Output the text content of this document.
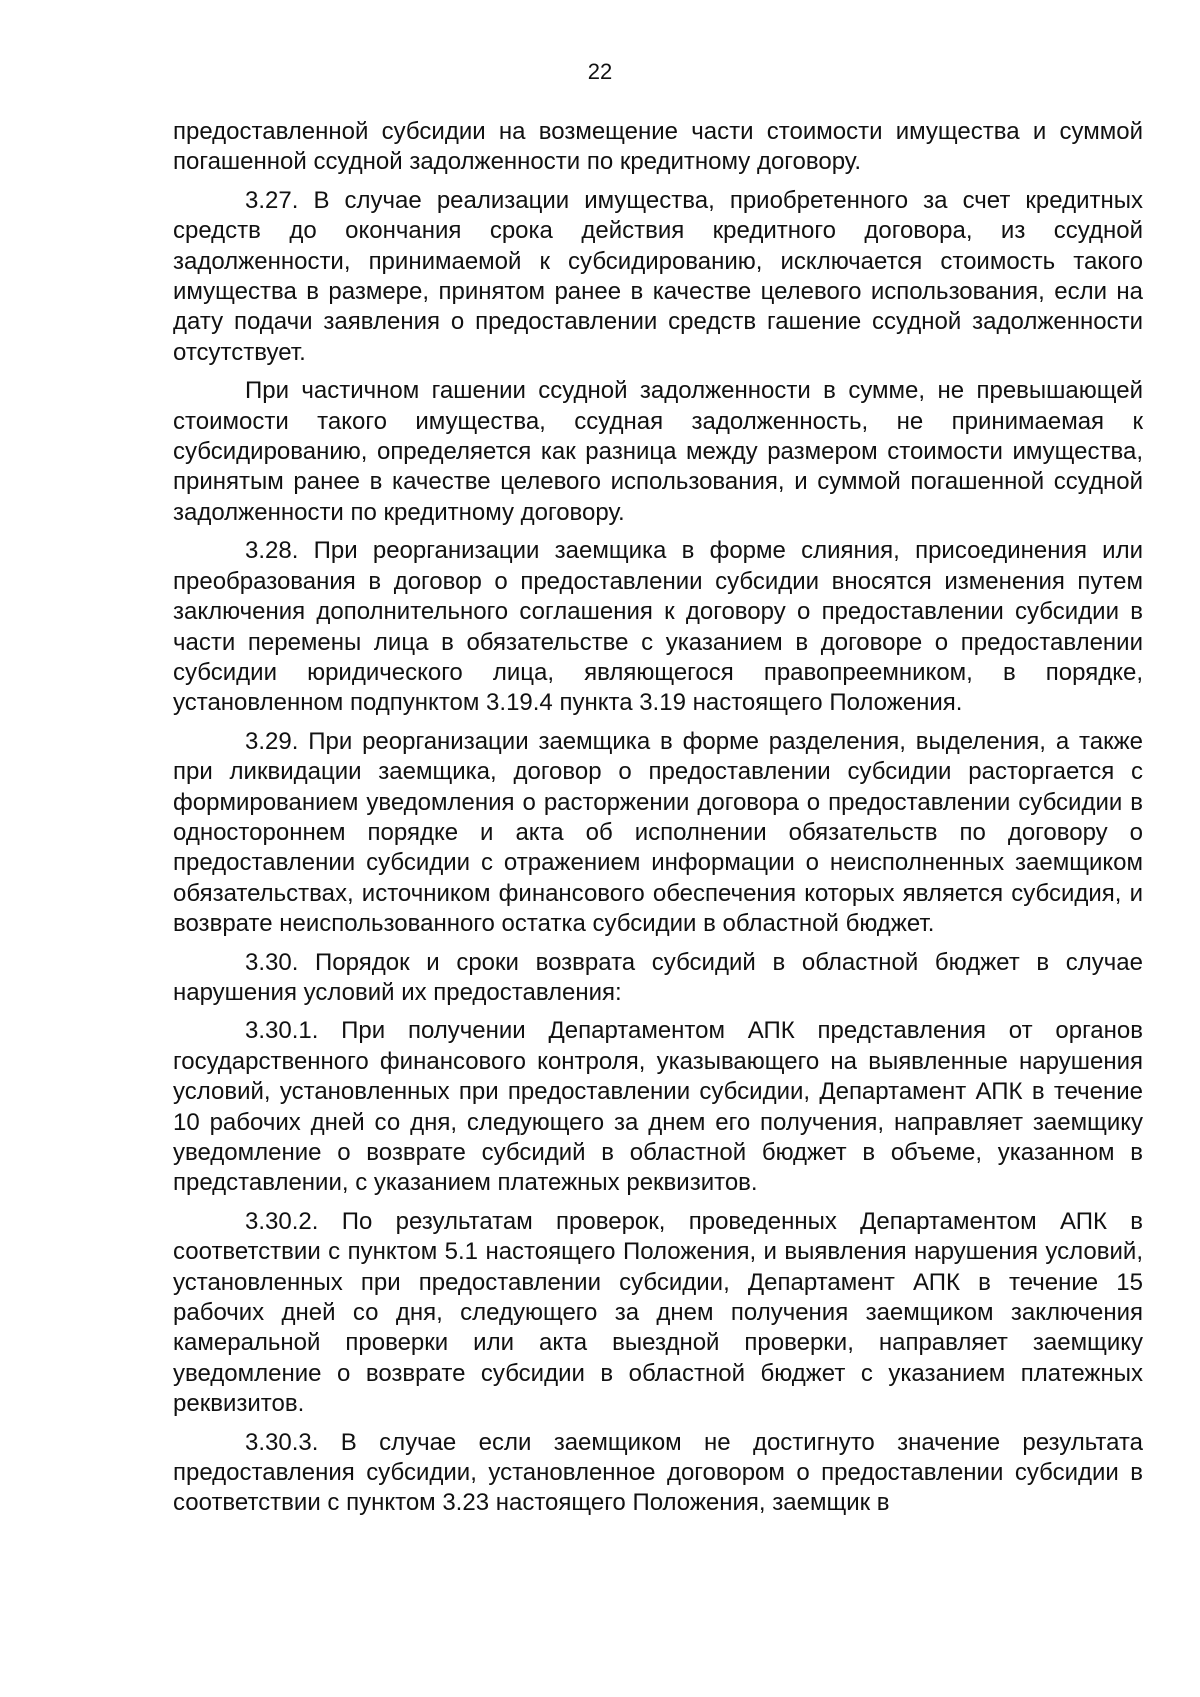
22

предоставленной субсидии на возмещение части стоимости имущества и суммой погашенной ссудной задолженности по кредитному договору.

3.27. В случае реализации имущества, приобретенного за счет кредитных средств до окончания срока действия кредитного договора, из ссудной задолженности, принимаемой к субсидированию, исключается стоимость такого имущества в размере, принятом ранее в качестве целевого использования, если на дату подачи заявления о предоставлении средств гашение ссудной задолженности отсутствует.

При частичном гашении ссудной задолженности в сумме, не превышающей стоимости такого имущества, ссудная задолженность, не принимаемая к субсидированию, определяется как разница между размером стоимости имущества, принятым ранее в качестве целевого использования, и суммой погашенной ссудной задолженности по кредитному договору.

3.28. При реорганизации заемщика в форме слияния, присоединения или преобразования в договор о предоставлении субсидии вносятся изменения путем заключения дополнительного соглашения к договору о предоставлении субсидии в части перемены лица в обязательстве с указанием в договоре о предоставлении субсидии юридического лица, являющегося правопреемником, в порядке, установленном подпунктом 3.19.4 пункта 3.19 настоящего Положения.

3.29. При реорганизации заемщика в форме разделения, выделения, а также при ликвидации заемщика, договор о предоставлении субсидии расторгается с формированием уведомления о расторжении договора о предоставлении субсидии в одностороннем порядке и акта об исполнении обязательств по договору о предоставлении субсидии с отражением информации о неисполненных заемщиком обязательствах, источником финансового обеспечения которых является субсидия, и возврате неиспользованного остатка субсидии в областной бюджет.

3.30. Порядок и сроки возврата субсидий в областной бюджет в случае нарушения условий их предоставления:

3.30.1. При получении Департаментом АПК представления от органов государственного финансового контроля, указывающего на выявленные нарушения условий, установленных при предоставлении субсидии, Департамент АПК в течение 10 рабочих дней со дня, следующего за днем его получения, направляет заемщику уведомление о возврате субсидий в областной бюджет в объеме, указанном в представлении, с указанием платежных реквизитов.

3.30.2. По результатам проверок, проведенных Департаментом АПК в соответствии с пунктом 5.1 настоящего Положения, и выявления нарушения условий, установленных при предоставлении субсидии, Департамент АПК в течение 15 рабочих дней со дня, следующего за днем получения заемщиком заключения камеральной проверки или акта выездной проверки, направляет заемщику уведомление о возврате субсидии в областной бюджет с указанием платежных реквизитов.

3.30.3. В случае если заемщиком не достигнуто значение результата предоставления субсидии, установленное договором о предоставлении субсидии в соответствии с пунктом 3.23 настоящего Положения, заемщик в
